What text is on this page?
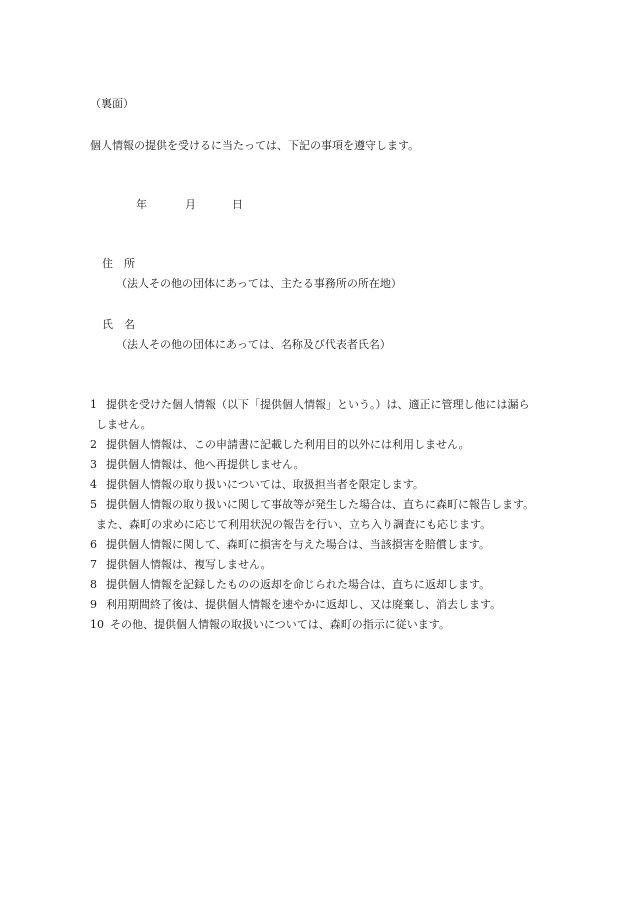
（裏面）
個人情報の提供を受けるに当たっては、下記の事項を遵守します。
年	月	日
住所
（法人その他の団体にあっては、主たる事務所の所在地）
氏名
（法人その他の団体にあっては、名称及び代表者氏名）
1 提供を受けた個人情報（以下「提供個人情報」という。）は、適正に管理し他には漏ら
しません。
2 提供個人情報は、この申請書に記載した利用目的以外には利用しません。
3 提供個人情報は、他へ再提供しません。
4 提供個人情報の取り扱いについては、取扱担当者を限定します。
5 提供個人情報の取り扱いに関して事故等が発生した場合は、直ちに森町に報告します。
また、森町の求めに応じて利用状況の報告を行い、立ち入り調査にも応じます。
6 提供個人情報に関して、森町に損害を与えた場合は、当該損害を賠償します。
7 提供個人情報は、複写しません。
8 提供個人情報を記録したものの返却を命じられた場合は、直ちに返却します。
9 利用期間終了後は、提供個人情報を速やかに返却し、又は廃棄し、消去します。
10 その他、提供個人情報の取扱いについては、森町の指示に従います。
